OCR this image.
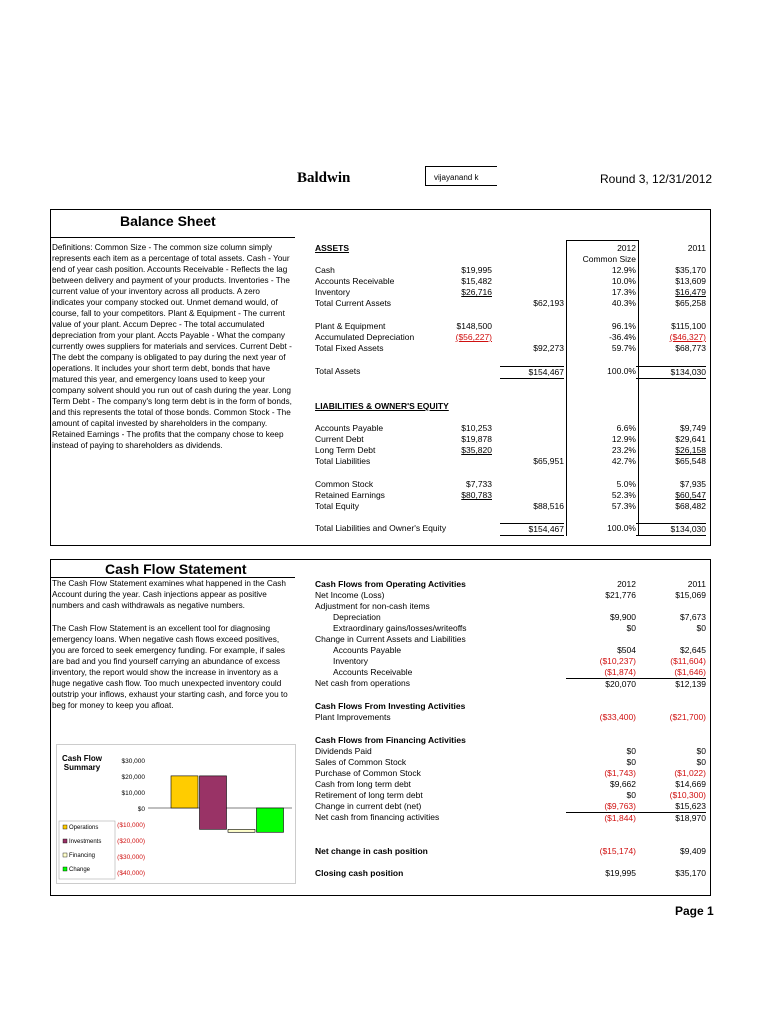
Baldwin	vijayanand k	Round 3, 12/31/2012
Balance Sheet
Definitions: Common Size - The common size column simply represents each item as a percentage of total assets. Cash - Your end of year cash position. Accounts Receivable - Reflects the lag between delivery and payment of your products. Inventories - The current value of your inventory across all products. A zero indicates your company stocked out. Unmet demand would, of course, fall to your competitors. Plant & Equipment - The current value of your plant. Accum Deprec - The total accumulated depreciation from your plant. Accts Payable - What the company currently owes suppliers for materials and services. Current Debt - The debt the company is obligated to pay during the next year of operations. It includes your short term debt, bonds that have matured this year, and emergency loans used to keep your company solvent should you run out of cash during the year. Long Term Debt - The company's long term debt is in the form of bonds, and this represents the total of those bonds. Common Stock - The amount of capital invested by shareholders in the company. Retained Earnings - The profits that the company chose to keep instead of paying to shareholders as dividends.
ASSETS	2012
Common Size
2011
LIABILITIES & OWNER'S EQUITY
Cash	$19,995	12.9%	$35,170
Accounts Receivable	$15,482	10.0%	$13,609
Inventory	$26,716	17.3%	$16,479
Total Current Assets	$62,193	40.3%	$65,258
Plant & Equipment	$148,500	96.1%	$115,100
Accumulated Depreciation	($56,227)	-36.4%	($46,327)
Total Fixed Assets	$92,273	59.7%	$68,773
Total Assets	$154,467	100.0%	$134,030
Accounts Payable	$10,253	6.6%	$9,749
Current Debt	$19,878	12.9%	$29,641
Long Term Debt	$35,820	23.2%	$26,158
Total Liabilities	$65,951	42.7%	$65,548
Common Stock	$7,733	5.0%	$7,935
Retained Earnings	$80,783	52.3%	$60,547
Total Equity	$88,516	57.3%	$68,482
Total Liabilities and Owner's Equity	$154,467	100.0%	$134,030
Cash Flow Statement
The Cash Flow Statement examines what happened in the Cash Account during the year. Cash injections appear as positive numbers and cash withdrawals as negative numbers.
The Cash Flow Statement is an excellent tool for diagnosing emergency loans. When negative cash flows exceed positives, you are forced to seek emergency funding. For example, if sales are bad and you find yourself carrying an abundance of excess inventory, the report would show the increase in inventory as a huge negative cash flow. Too much unexpected inventory could outstrip your inflows, exhaust your starting cash, and force you to beg for money to keep you afloat.
2012	2011
Cash Flows from Operating Activities
Net Income (Loss)	$21,776	$15,069
Adjustment for non-cash items
Depreciation	$9,900	$7,673
Extraordinary gains/losses/writeoffs	$0	$0
Change in Current Assets and Liabilities
Accounts Payable	$504	$2,645
Inventory	($10,237)	($11,604)
Accounts Receivable	($1,874)	($1,646)
Net cash from operations	$20,070	$12,139
Cash Flows From Investing Activities
Plant Improvements	($33,400)	($21,700)
Cash Flows from Financing Activities
Dividends Paid	$0	$0
Sales of Common Stock	$0	$0
Purchase of Common Stock	($1,743)	($1,022)
Cash from long term debt	$9,662	$14,669
Retirement of long term debt	$0	($10,300)
Change in current debt (net)	($9,763)	$15,623
Net cash from financing activities	($1,844)	$18,970
Net change in cash position	($15,174)	$9,409
Closing cash position	$19,995	$35,170
Cash Flow
Summary
$30,000
$20,000
$10,000
$0
($10,000)
($20,000)
($30,000)
($40,000)
Operations
Investments
Financing
Change
Page 1
